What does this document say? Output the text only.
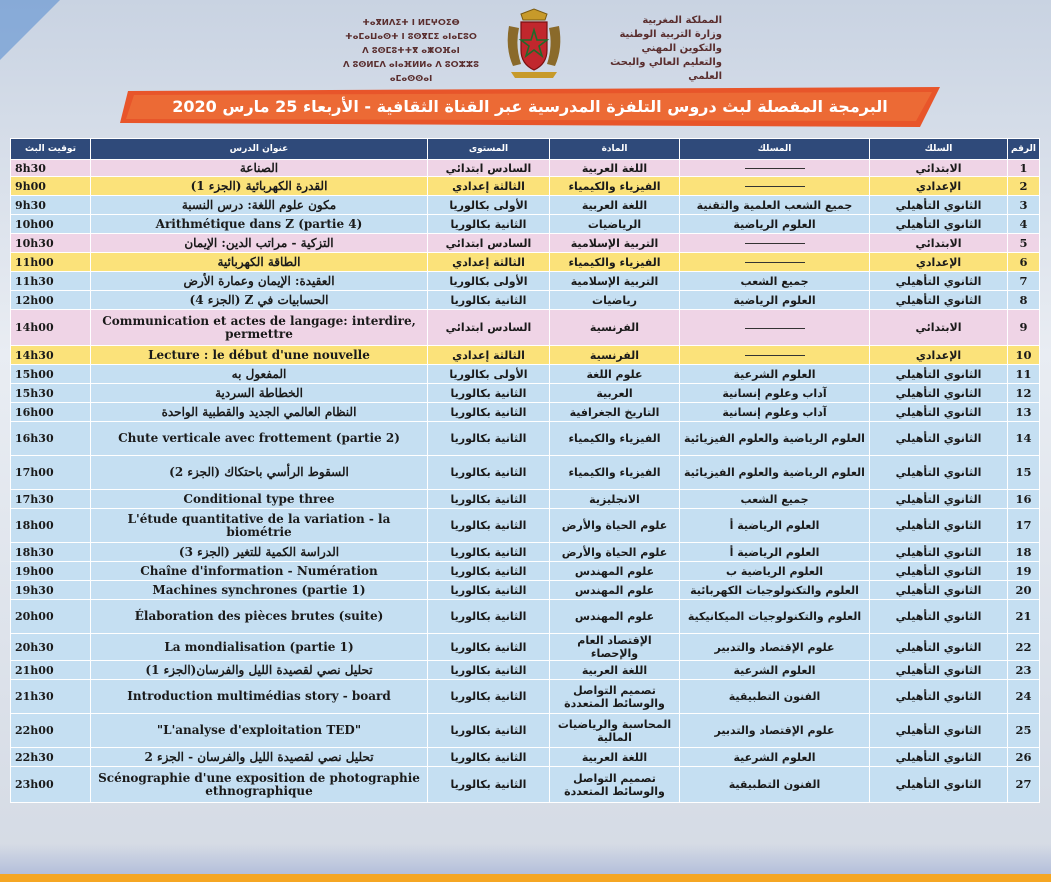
ⵜⴰⴳⵍⴷⵉⵜ ⵏ ⵍⵎⵖⵔⵉⴱ
ⵜⴰⵎⴰⵡⴰⵙⵜ ⵏ ⵓⵙⴳⵎⵉ ⴰⵏⴰⵎⵓⵔ
ⴷ ⵓⵙⵎⵓⵜⵜⴳ ⴰⵥⵔⴼⴰⵏ
ⴷ ⵓⵙⵍⵎⴷ ⴰⵏⴰⴼⵍⵍⴰ ⴷ ⵓⵔⵣⵣⵓ ⴰⵎⴰⵙⵙⴰⵏ
المملكة المغربية
وزارة التربية الوطنية
والتكوين المهني
والتعليم العالي والبحث العلمي
البرمجة المفصلة لبث دروس التلفزة المدرسية عبر القناة الثقافية - الأربعاء 25 مارس 2020
الرقم	السلك	المسلك	المادة	المستوى	عنوان الدرس	توقيت البث
1	الابتدائي		اللغة العربية	السادس ابتدائي	الصناعة	8h30
2	الإعدادي		الفيزياء والكيمياء	الثالثة إعدادي	القدرة الكهربائية (الجزء 1)	9h00
3	الثانوي التأهيلي	جميع الشعب العلمية والتقنية	اللغة العربية	الأولى بكالوريا	مكون علوم اللغة: درس النسبة	9h30
4	الثانوي التأهيلي	العلوم الرياضية	الرياضيات	الثانية بكالوريا	Arithmétique dans Z (partie 4)	10h00
5	الابتدائي		التربية الإسلامية	السادس ابتدائي	التزكية - مراتب الدين: الإيمان	10h30
6	الإعدادي		الفيزياء والكيمياء	الثالثة إعدادي	الطاقة الكهربائية	11h00
7	الثانوي التأهيلي	جميع الشعب	التربية الإسلامية	الأولى بكالوريا	العقيدة: الإيمان وعمارة الأرض	11h30
8	الثانوي التأهيلي	العلوم الرياضية	رياضيات	الثانية بكالوريا	الحسابيات في Z (الجزء 4)	12h00
9	الابتدائي		الفرنسية	السادس ابتدائي	Communication et actes de langage: interdire, permettre	14h00
10	الإعدادي		الفرنسية	الثالثة إعدادي	Lecture : le début d'une nouvelle	14h30
11	الثانوي التأهيلي	العلوم الشرعية	علوم اللغة	الأولى بكالوريا	المفعول به	15h00
12	الثانوي التأهيلي	آداب وعلوم إنسانية	العربية	الثانية بكالوريا	الخطاطة السردية	15h30
13	الثانوي التأهيلي	آداب وعلوم إنسانية	التاريخ الجغرافية	الثانية بكالوريا	النظام العالمي الجديد والقطبية الواحدة	16h00
14	الثانوي التأهيلي	العلوم الرياضية والعلوم الفيزيائية	الفيزياء والكيمياء	الثانية بكالوريا	Chute verticale avec frottement (partie 2)	16h30
15	الثانوي التأهيلي	العلوم الرياضية والعلوم الفيزيائية	الفيزياء والكيمياء	الثانية بكالوريا	السقوط الرأسي باحتكاك (الجزء 2)	17h00
16	الثانوي التأهيلي	جميع الشعب	الانجليزية	الثانية بكالوريا	Conditional type three	17h30
17	الثانوي التأهيلي	العلوم الرياضية أ	علوم الحياة والأرض	الثانية بكالوريا	L'étude quantitative de la variation - la biométrie	18h00
18	الثانوي التأهيلي	العلوم الرياضية أ	علوم الحياة والأرض	الثانية بكالوريا	الدراسة الكمية للتغير (الجزء 3)	18h30
19	الثانوي التأهيلي	العلوم الرياضية ب	علوم المهندس	الثانية بكالوريا	Chaîne d'information - Numération	19h00
20	الثانوي التأهيلي	العلوم والتكنولوجيات الكهربائية	علوم المهندس	الثانية بكالوريا	Machines synchrones (partie 1)	19h30
21	الثانوي التأهيلي	العلوم والتكنولوجيات الميكانيكية	علوم المهندس	الثانية بكالوريا	Élaboration des pièces brutes (suite)	20h00
22	الثانوي التأهيلي	علوم الإقتصاد والتدبير	الإقتصاد العام والإحصاء	الثانية بكالوريا	La mondialisation (partie 1)	20h30
23	الثانوي التأهيلي	العلوم الشرعية	اللغة العربية	الثانية بكالوريا	تحليل نصي لقصيدة الليل والفرسان(الجزء 1)	21h00
24	الثانوي التأهيلي	الفنون التطبيقية	تصميم التواصل والوسائط المتعددة	الثانية بكالوريا	Introduction multimédias story - board	21h30
25	الثانوي التأهيلي	علوم الإقتصاد والتدبير	المحاسبة والرياضيات المالية	الثانية بكالوريا	"L'analyse d'exploitation TED"	22h00
26	الثانوي التأهيلي	العلوم الشرعية	اللغة العربية	الثانية بكالوريا	تحليل نصي لقصيدة الليل والفرسان - الجزء 2	22h30
27	الثانوي التأهيلي	الفنون التطبيقية	تصميم التواصل والوسائط المتعددة	الثانية بكالوريا	Scénographie d'une exposition de photographie ethnographique	23h00
